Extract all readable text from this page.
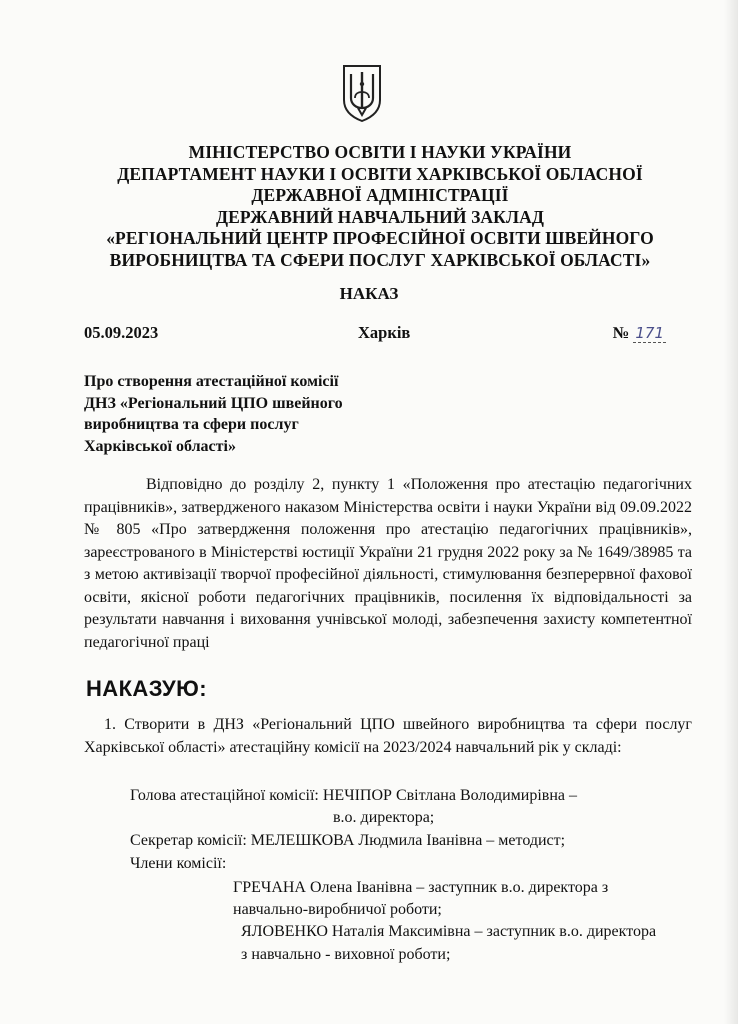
МІНІСТЕРСТВО ОСВІТИ І НАУКИ УКРАЇНИ
ДЕПАРТАМЕНТ НАУКИ І ОСВІТИ ХАРКІВСЬКОЇ ОБЛАСНОЇ
ДЕРЖАВНОЇ АДМІНІСТРАЦІЇ
ДЕРЖАВНИЙ НАВЧАЛЬНИЙ ЗАКЛАД
«РЕГІОНАЛЬНИЙ ЦЕНТР ПРОФЕСІЙНОЇ ОСВІТИ ШВЕЙНОГО
ВИРОБНИЦТВА ТА СФЕРИ ПОСЛУГ ХАРКІВСЬКОЇ ОБЛАСТІ»
НАКАЗ
05.09.2023	Харків	№ 171
Про створення атестаційної комісії
ДНЗ «Регіональний ЦПО швейного
виробництва та сфери послуг
Харківської області»
Відповідно до розділу 2, пункту 1 «Положення про атестацію педагогічних працівників», затвердженого наказом Міністерства освіти і науки України від 09.09.2022 № 805 «Про затвердження положення про атестацію педагогічних працівників», зареєстрованого в Міністерстві юстиції України 21 грудня 2022 року за № 1649/38985 та з метою активізації творчої професійної діяльності, стимулювання безперервної фахової освіти, якісної роботи педагогічних працівників, посилення їх відповідальності за результати навчання і виховання учнівської молоді, забезпечення захисту компетентної педагогічної праці
НАКАЗУЮ:
1. Створити в ДНЗ «Регіональний ЦПО швейного виробництва та сфери послуг Харківської області» атестаційну комісії на 2023/2024 навчальний рік у складі:
Голова атестаційної комісії: НЕЧІПОР Світлана Володимирівна –
в.о. директора;
Секретар комісії: МЕЛЕШКОВА Людмила Іванівна – методист;
Члени комісії:
ГРЕЧАНА Олена Іванівна – заступник в.о. директора з
навчально-виробничої роботи;
ЯЛОВЕНКО Наталія Максимівна – заступник в.о. директора
з навчально - виховної роботи;
